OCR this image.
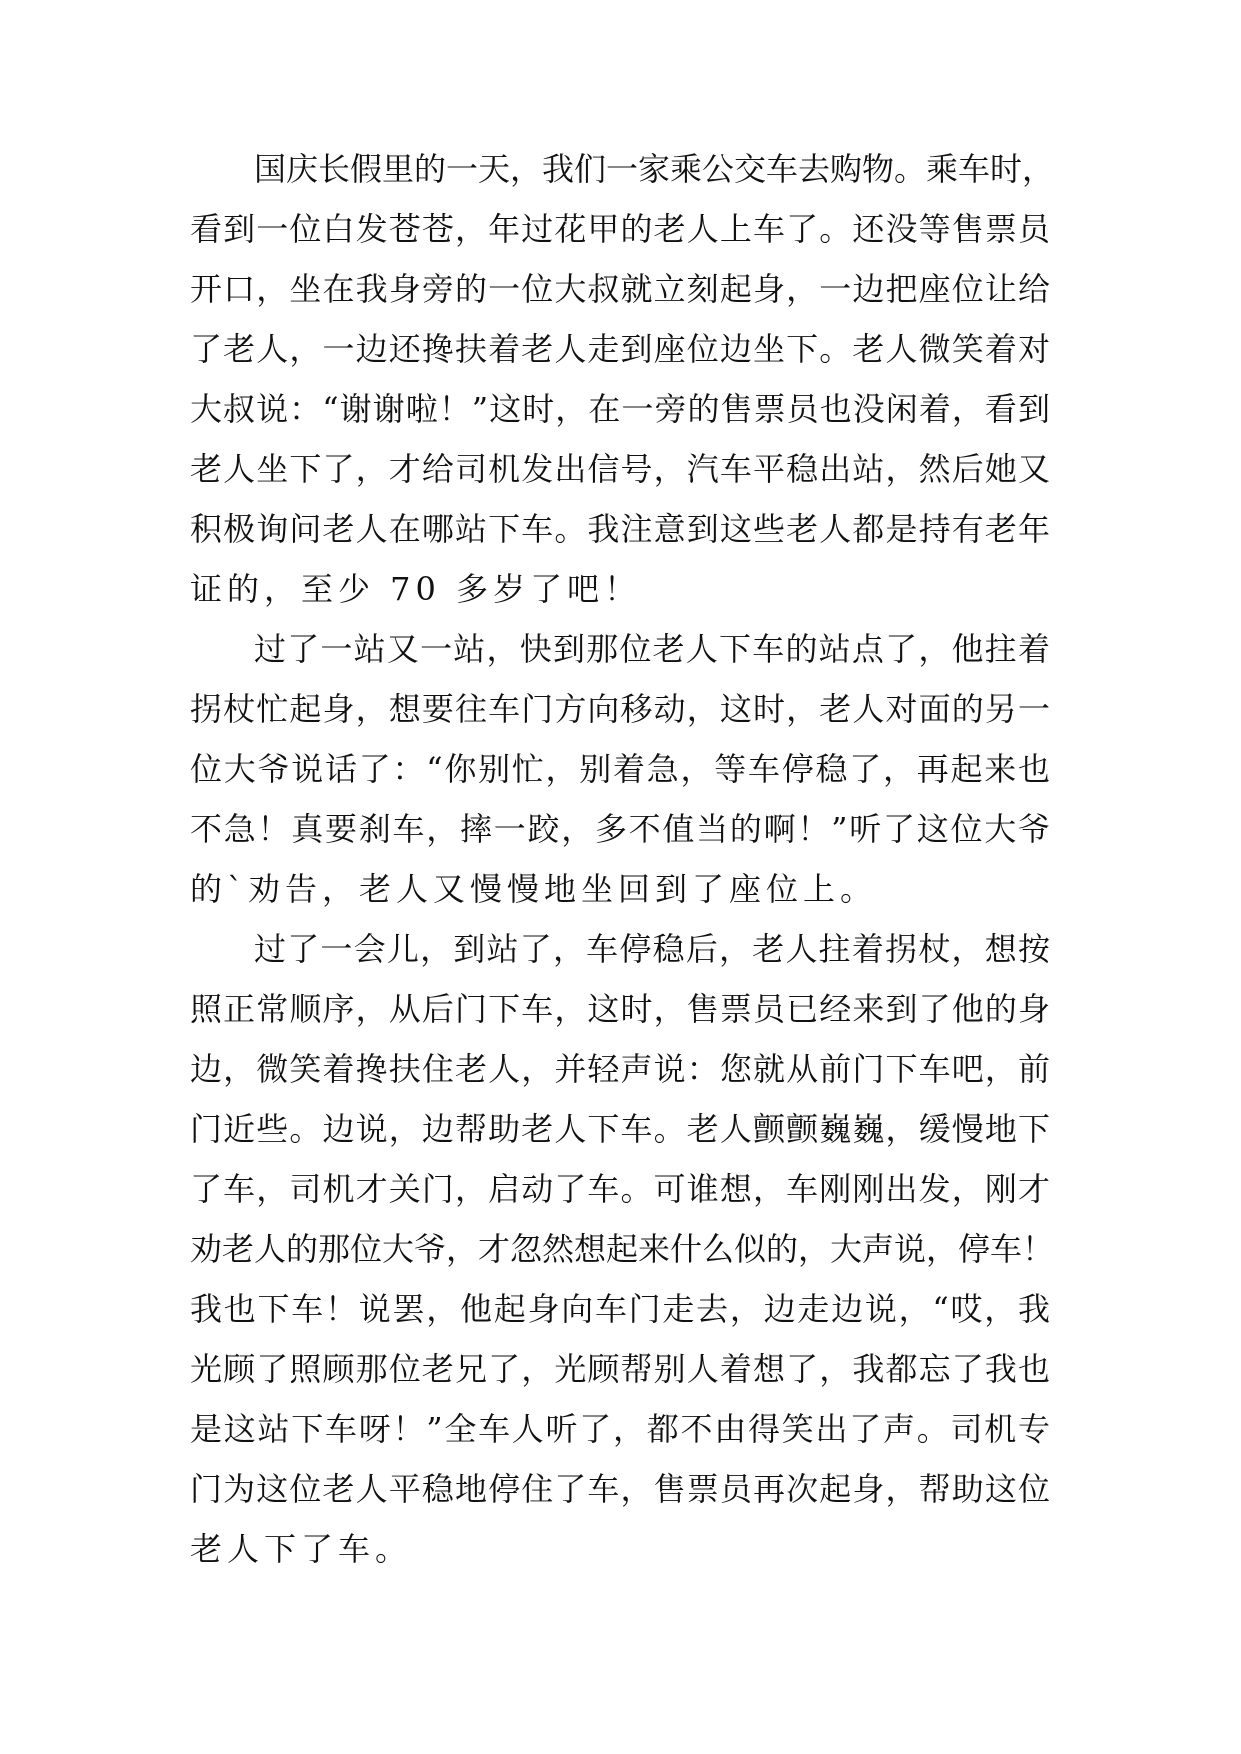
国庆长假里的一天，我们一家乘公交车去购物。乘车时，
看到一位白发苍苍，年过花甲的老人上车了。还没等售票员
开口，坐在我身旁的一位大叔就立刻起身，一边把座位让给
了老人，一边还搀扶着老人走到座位边坐下。老人微笑着对
大叔说：“谢谢啦！”这时，在一旁的售票员也没闲着，看到
老人坐下了，才给司机发出信号，汽车平稳出站，然后她又
积极询问老人在哪站下车。我注意到这些老人都是持有老年
证的，至少 70 多岁了吧！
过了一站又一站，快到那位老人下车的站点了，他拄着
拐杖忙起身，想要往车门方向移动，这时，老人对面的另一
位大爷说话了：“你别忙，别着急，等车停稳了，再起来也
不急！真要刹车，摔一跤，多不值当的啊！”听了这位大爷
的`劝告，老人又慢慢地坐回到了座位上。
过了一会儿，到站了，车停稳后，老人拄着拐杖，想按
照正常顺序，从后门下车，这时，售票员已经来到了他的身
边，微笑着搀扶住老人，并轻声说：您就从前门下车吧，前
门近些。边说，边帮助老人下车。老人颤颤巍巍，缓慢地下
了车，司机才关门，启动了车。可谁想，车刚刚出发，刚才
劝老人的那位大爷，才忽然想起来什么似的，大声说，停车！
我也下车！说罢，他起身向车门走去，边走边说，“哎，我
光顾了照顾那位老兄了，光顾帮别人着想了，我都忘了我也
是这站下车呀！”全车人听了，都不由得笑出了声。司机专
门为这位老人平稳地停住了车，售票员再次起身，帮助这位
老人下了车。
